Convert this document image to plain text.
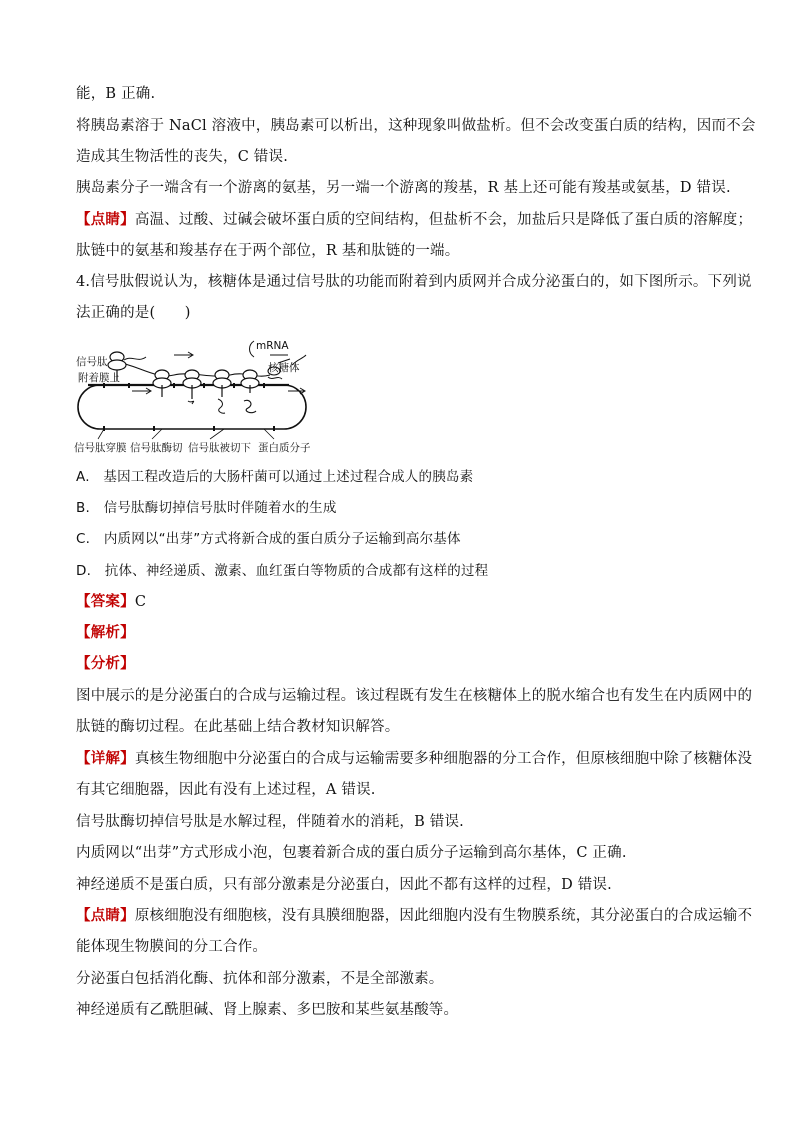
能，B 正确.
将胰岛素溶于 NaCl 溶液中，胰岛素可以析出，这种现象叫做盐析。但不会改变蛋白质的结构，因而不会
造成其生物活性的丧失，C 错误.
胰岛素分子一端含有一个游离的氨基，另一端一个游离的羧基，R 基上还可能有羧基或氨基，D 错误.
【点睛】高温、过酸、过碱会破坏蛋白质的空间结构，但盐析不会，加盐后只是降低了蛋白质的溶解度；
肽链中的氨基和羧基存在于两个部位，R 基和肽链的一端。
4.信号肽假说认为，核糖体是通过信号肽的功能而附着到内质网并合成分泌蛋白的，如下图所示。下列说
法正确的是(　　)
信号肽
附着膜上
mRNA
核糖体
信号肽穿膜 信号肽酶切 信号肽被切下 蛋白质分子
A.　基因工程改造后的大肠杆菌可以通过上述过程合成人的胰岛素
B.　信号肽酶切掉信号肽时伴随着水的生成
C.　内质网以“出芽”方式将新合成的蛋白质分子运输到高尔基体
D.　抗体、神经递质、激素、血红蛋白等物质的合成都有这样的过程
【答案】C
【解析】
【分析】
图中展示的是分泌蛋白的合成与运输过程。该过程既有发生在核糖体上的脱水缩合也有发生在内质网中的
肽链的酶切过程。在此基础上结合教材知识解答。
【详解】真核生物细胞中分泌蛋白的合成与运输需要多种细胞器的分工合作，但原核细胞中除了核糖体没
有其它细胞器，因此有没有上述过程，A 错误.
信号肽酶切掉信号肽是水解过程，伴随着水的消耗，B 错误.
内质网以“出芽”方式形成小泡，包裹着新合成的蛋白质分子运输到高尔基体，C 正确.
神经递质不是蛋白质，只有部分激素是分泌蛋白，因此不都有这样的过程，D 错误.
【点睛】原核细胞没有细胞核，没有具膜细胞器，因此细胞内没有生物膜系统，其分泌蛋白的合成运输不
能体现生物膜间的分工合作。
分泌蛋白包括消化酶、抗体和部分激素，不是全部激素。
神经递质有乙酰胆碱、肾上腺素、多巴胺和某些氨基酸等。
